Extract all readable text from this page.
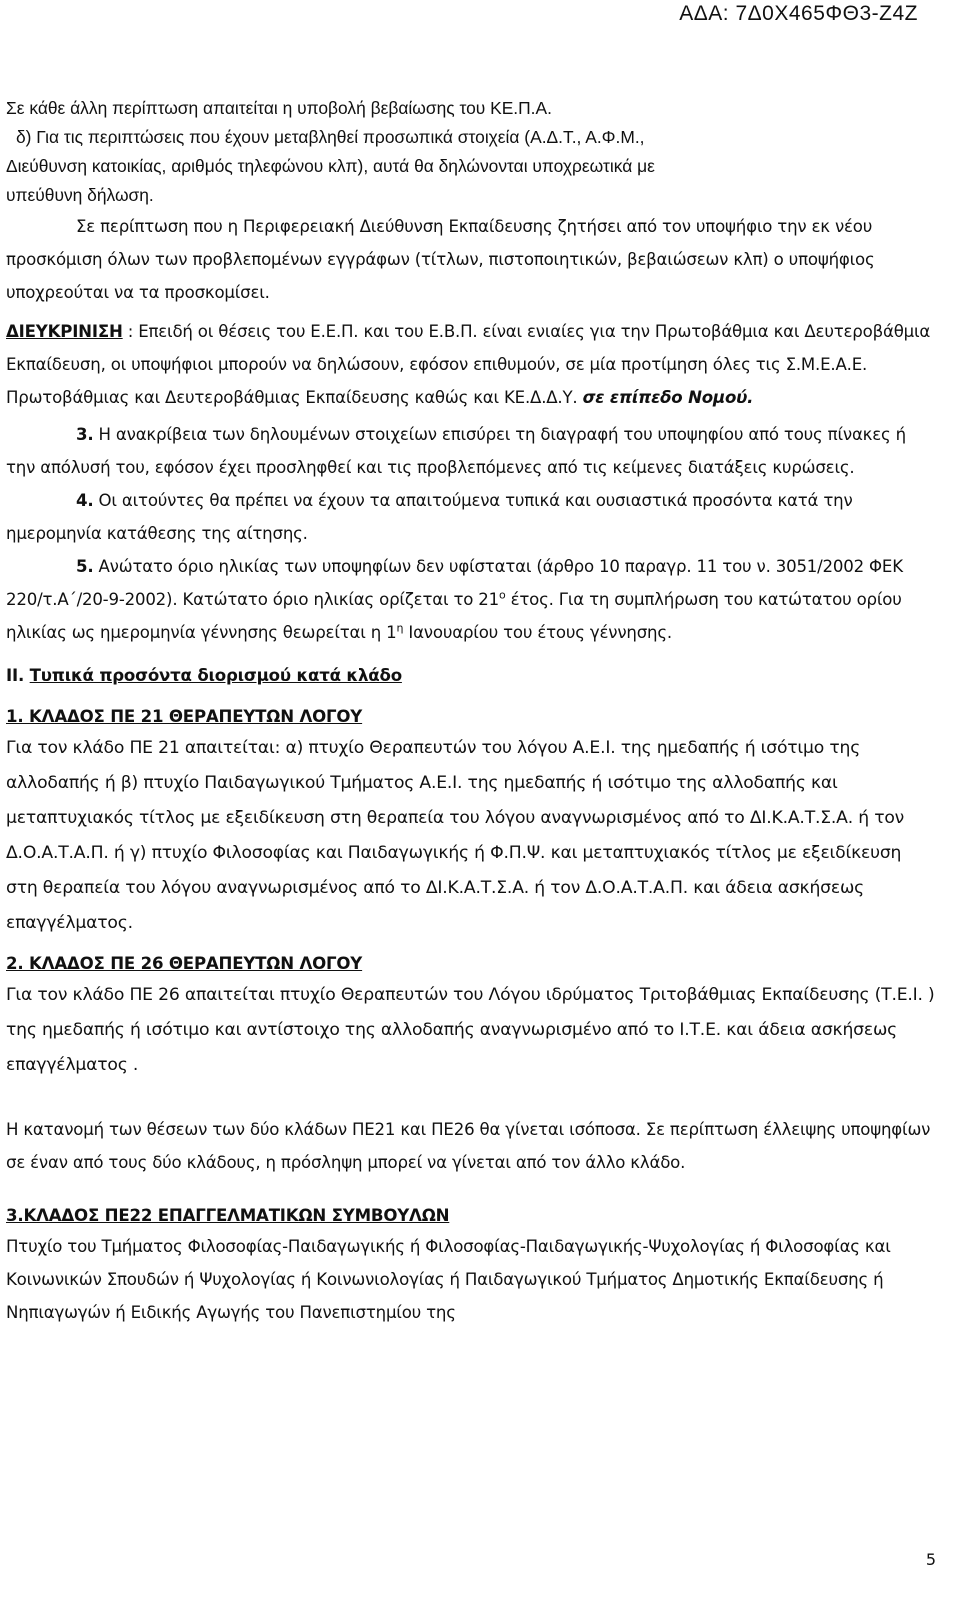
ΑΔΑ: 7Δ0Χ465ΦΘ3-Ζ4Ζ

Σε κάθε άλλη περίπτωση απαιτείται η υποβολή βεβαίωσης του ΚΕ.Π.Α.

δ) Για τις περιπτώσεις που έχουν μεταβληθεί προσωπικά στοιχεία (Α.Δ.Τ., Α.Φ.Μ.,

Διεύθυνση κατοικίας, αριθμός τηλεφώνου κλπ), αυτά θα δηλώνονται υποχρεωτικά με

υπεύθυνη δήλωση.

Σε περίπτωση που η Περιφερειακή Διεύθυνση Εκπαίδευσης ζητήσει από τον υποψήφιο την εκ νέου προσκόμιση όλων των προβλεπομένων εγγράφων (τίτλων, πιστοποιητικών, βεβαιώσεων κλπ) ο υποψήφιος υποχρεούται να τα προσκομίσει.

ΔΙΕΥΚΡΙΝΙΣΗ : Επειδή οι θέσεις του Ε.Ε.Π. και του Ε.Β.Π. είναι ενιαίες για την Πρωτοβάθμια και Δευτεροβάθμια Εκπαίδευση, οι υποψήφιοι μπορούν να δηλώσουν, εφόσον επιθυμούν, σε μία προτίμηση όλες τις Σ.Μ.Ε.Α.Ε. Πρωτοβάθμιας και Δευτεροβάθμιας Εκπαίδευσης καθώς και ΚΕ.Δ.Δ.Υ. σε επίπεδο Νομού.

3. Η ανακρίβεια των δηλουμένων στοιχείων επισύρει τη διαγραφή του υποψηφίου από τους πίνακες ή την απόλυσή του, εφόσον έχει προσληφθεί και τις προβλεπόμενες από τις κείμενες διατάξεις κυρώσεις.

4. Οι αιτούντες θα πρέπει να έχουν τα απαιτούμενα τυπικά και ουσιαστικά προσόντα κατά την ημερομηνία κατάθεσης της αίτησης.

5. Ανώτατο όριο ηλικίας των υποψηφίων δεν υφίσταται (άρθρο 10 παραγρ. 11 του ν. 3051/2002 ΦΕΚ 220/τ.Α΄/20-9-2002). Κατώτατο όριο ηλικίας ορίζεται το $21^o$ έτος. Για τη συμπλήρωση του κατώτατου ορίου ηλικίας ως ημερομηνία γέννησης θεωρείται η $1^\eta$ Ιανουαρίου του έτους γέννησης.

ΙΙ. Τυπικά προσόντα διορισμού κατά κλάδο

1. ΚΛΑΔΟΣ ΠΕ 21 ΘΕΡΑΠΕΥΤΩΝ ΛΟΓΟΥ

Για τον κλάδο ΠΕ 21 απαιτείται: α) πτυχίο Θεραπευτών του λόγου Α.Ε.Ι. της ημεδαπής ή ισότιμο της αλλοδαπής ή β) πτυχίο Παιδαγωγικού Τμήματος Α.Ε.Ι. της ημεδαπής ή ισότιμο της αλλοδαπής και μεταπτυχιακός τίτλος με εξειδίκευση στη θεραπεία του λόγου αναγνωρισμένος από το ΔΙ.Κ.Α.Τ.Σ.Α. ή τον Δ.Ο.Α.Τ.Α.Π. ή γ) πτυχίο Φιλοσοφίας και Παιδαγωγικής ή Φ.Π.Ψ. και μεταπτυχιακός τίτλος με εξειδίκευση στη θεραπεία του λόγου αναγνωρισμένος από το ΔΙ.Κ.Α.Τ.Σ.Α. ή τον Δ.Ο.Α.Τ.Α.Π. και άδεια ασκήσεως επαγγέλματος.

2. ΚΛΑΔΟΣ ΠΕ 26 ΘΕΡΑΠΕΥΤΩΝ ΛΟΓΟΥ

Για τον κλάδο ΠΕ 26 απαιτείται πτυχίο Θεραπευτών του Λόγου ιδρύματος Τριτοβάθμιας Εκπαίδευσης (Τ.Ε.Ι. ) της ημεδαπής ή ισότιμο και αντίστοιχο της αλλοδαπής αναγνωρισμένο από το Ι.Τ.Ε. και άδεια ασκήσεως επαγγέλματος .

Η κατανομή των θέσεων των δύο κλάδων ΠΕ21 και ΠΕ26 θα γίνεται ισόποσα. Σε περίπτωση έλλειψης υποψηφίων σε έναν από τους δύο κλάδους, η πρόσληψη μπορεί να γίνεται από τον άλλο κλάδο.

3.ΚΛΑΔΟΣ ΠΕ22 ΕΠΑΓΓΕΛΜΑΤΙΚΩΝ ΣΥΜΒΟΥΛΩΝ

Πτυχίο του Τμήματος Φιλοσοφίας-Παιδαγωγικής ή Φιλοσοφίας-Παιδαγωγικής-Ψυχολογίας ή Φιλοσοφίας και Κοινωνικών Σπουδών ή Ψυχολογίας ή Κοινωνιολογίας ή Παιδαγωγικού Τμήματος Δημοτικής Εκπαίδευσης ή Νηπιαγωγών ή Ειδικής Αγωγής του Πανεπιστημίου της

5
